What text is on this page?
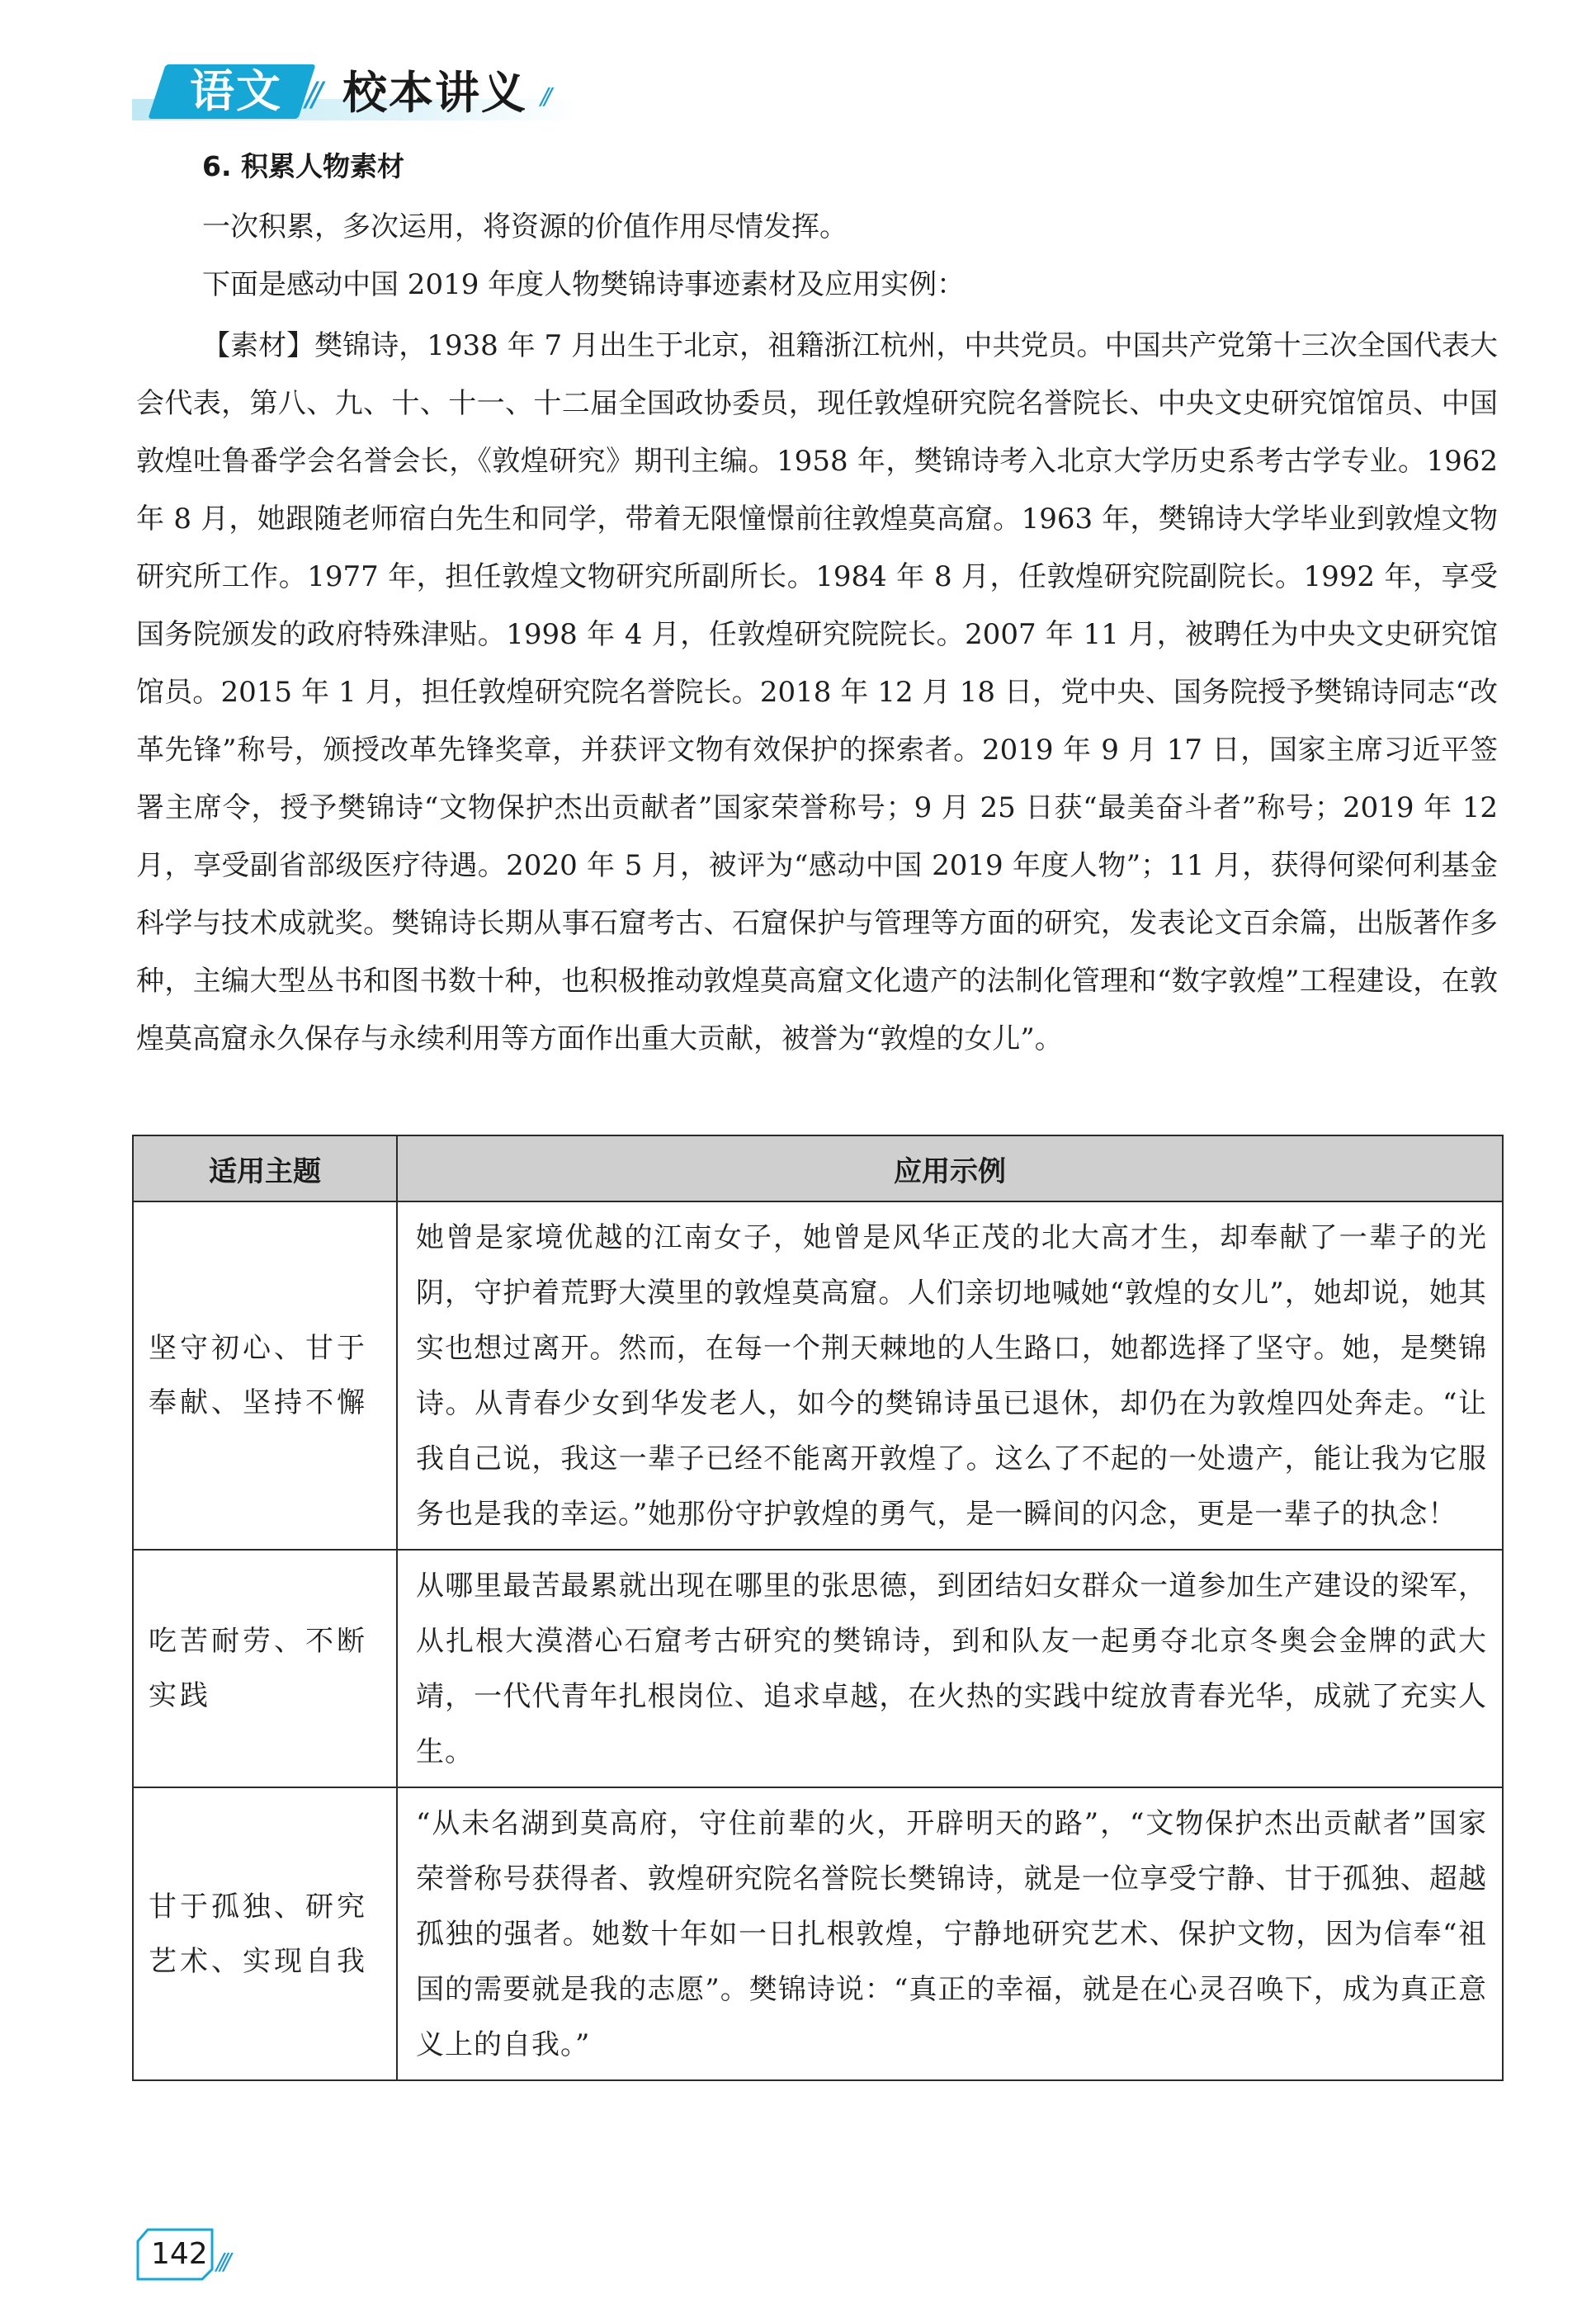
语文 // 校本讲义 //
6. 积累人物素材

一次积累，多次运用，将资源的价值作用尽情发挥。

下面是感动中国 2019 年度人物樊锦诗事迹素材及应用实例：

【素材】樊锦诗，1938 年 7 月出生于北京，祖籍浙江杭州，中共党员。中国共产党第十三次全国代表大会代表，第八、九、十、十一、十二届全国政协委员，现任敦煌研究院名誉院长、中央文史研究馆馆员、中国敦煌吐鲁番学会名誉会长，《敦煌研究》期刊主编。1958 年，樊锦诗考入北京大学历史系考古学专业。1962 年 8 月，她跟随老师宿白先生和同学，带着无限憧憬前往敦煌莫高窟。1963 年，樊锦诗大学毕业到敦煌文物研究所工作。1977 年，担任敦煌文物研究所副所长。1984 年 8 月，任敦煌研究院副院长。1992 年，享受国务院颁发的政府特殊津贴。1998 年 4 月，任敦煌研究院院长。2007 年 11 月，被聘任为中央文史研究馆馆员。2015 年 1 月，担任敦煌研究院名誉院长。2018 年 12 月 18 日，党中央、国务院授予樊锦诗同志“改革先锋”称号，颁授改革先锋奖章，并获评文物有效保护的探索者。2019 年 9 月 17 日，国家主席习近平签署主席令，授予樊锦诗“文物保护杰出贡献者”国家荣誉称号；9 月 25 日获“最美奋斗者”称号；2019 年 12 月，享受副省部级医疗待遇。2020 年 5 月，被评为“感动中国 2019 年度人物”；11 月，获得何梁何利基金科学与技术成就奖。樊锦诗长期从事石窟考古、石窟保护与管理等方面的研究，发表论文百余篇，出版著作多种，主编大型丛书和图书数十种，也积极推动敦煌莫高窟文化遗产的法制化管理和“数字敦煌”工程建设，在敦煌莫高窟永久保存与永续利用等方面作出重大贡献，被誉为“敦煌的女儿”。

适用主题	应用示例
坚守初心、甘于奉献、坚持不懈	她曾是家境优越的江南女子，她曾是风华正茂的北大高才生，却奉献了一辈子的光阴，守护着荒野大漠里的敦煌莫高窟。人们亲切地喊她“敦煌的女儿”，她却说，她其实也想过离开。然而，在每一个荆天棘地的人生路口，她都选择了坚守。她，是樊锦诗。从青春少女到华发老人，如今的樊锦诗虽已退休，却仍在为敦煌四处奔走。“让我自己说，我这一辈子已经不能离开敦煌了。这么了不起的一处遗产，能让我为它服务也是我的幸运。”她那份守护敦煌的勇气，是一瞬间的闪念，更是一辈子的执念！
吃苦耐劳、不断实践	从哪里最苦最累就出现在哪里的张思德，到团结妇女群众一道参加生产建设的梁军，从扎根大漠潜心石窟考古研究的樊锦诗，到和队友一起勇夺北京冬奥会金牌的武大靖，一代代青年扎根岗位、追求卓越，在火热的实践中绽放青春光华，成就了充实人生。
甘于孤独、研究艺术、实现自我	“从未名湖到莫高府，守住前辈的火，开辟明天的路”，“文物保护杰出贡献者”国家荣誉称号获得者、敦煌研究院名誉院长樊锦诗，就是一位享受宁静、甘于孤独、超越孤独的强者。她数十年如一日扎根敦煌，宁静地研究艺术、保护文物，因为信奉“祖国的需要就是我的志愿”。樊锦诗说：“真正的幸福，就是在心灵召唤下，成为真正意义上的自我。”
142 ///
